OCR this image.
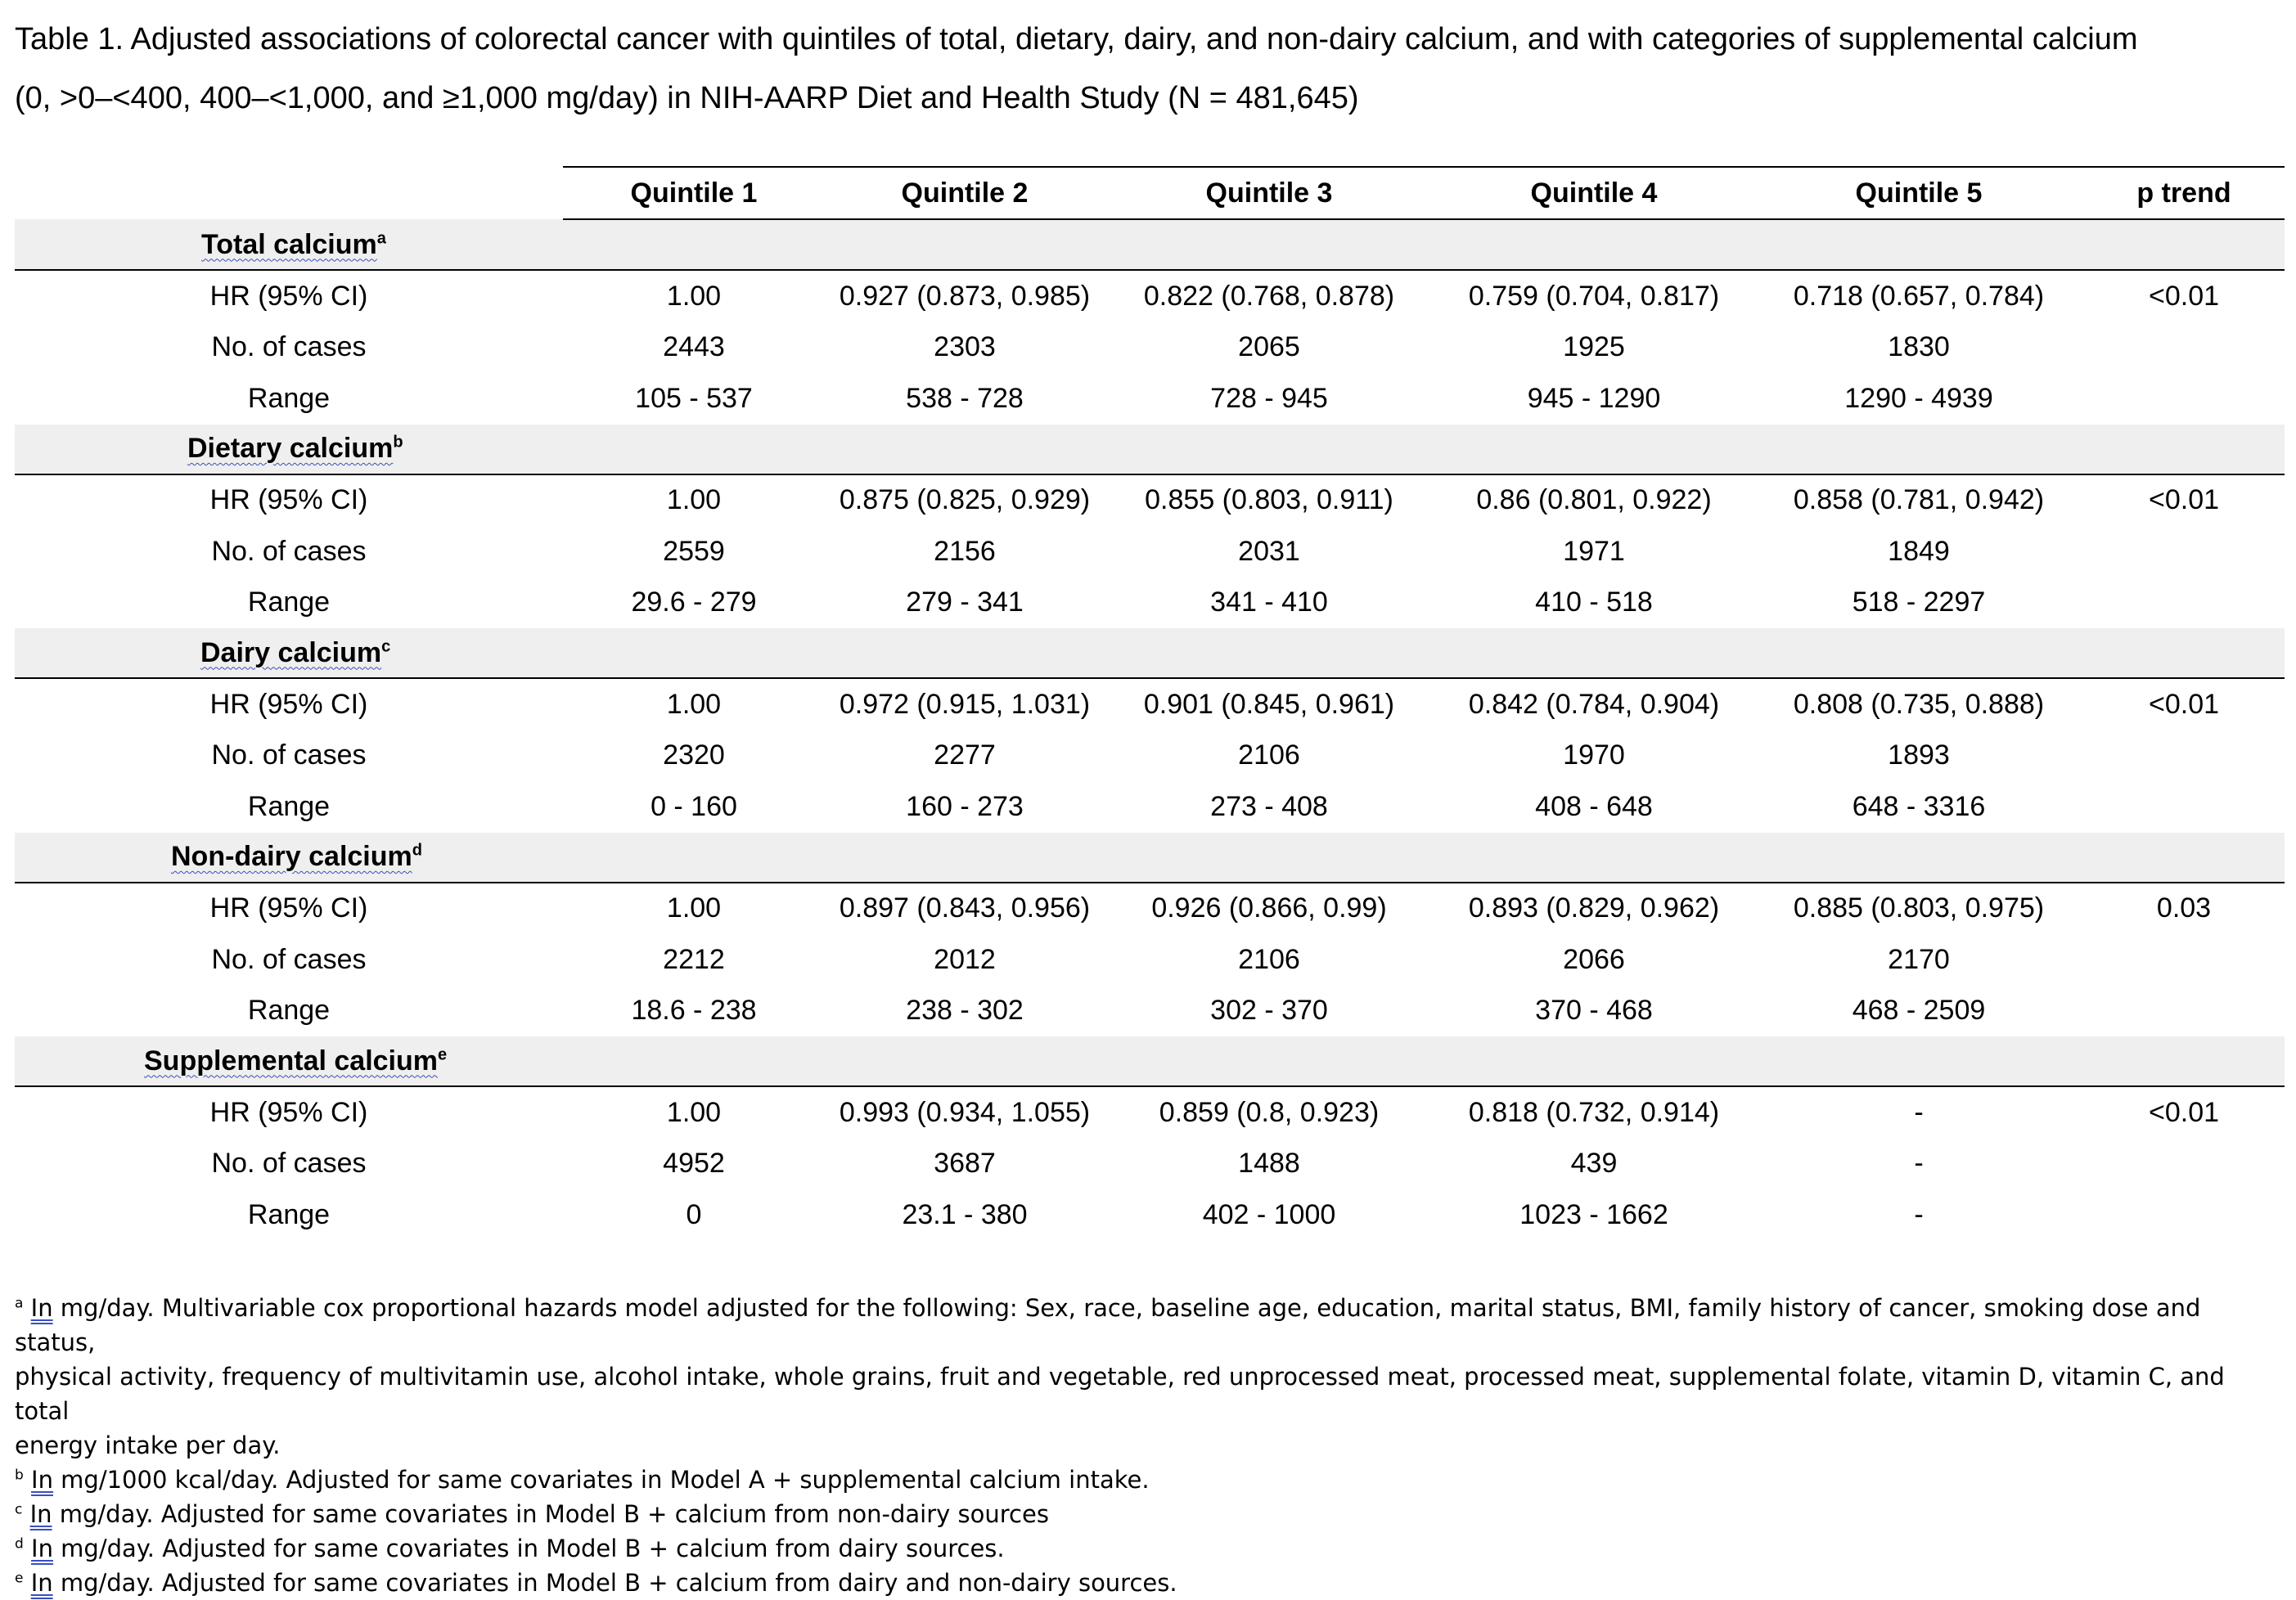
Table 1. Adjusted associations of colorectal cancer with quintiles of total, dietary, dairy, and non-dairy calcium, and with categories of supplemental calcium
(0, >0–<400, 400–<1,000, and ≥1,000 mg/day) in NIH-AARP Diet and Health Study (N = 481,645)
	Quintile 1	Quintile 2	Quintile 3	Quintile 4	Quintile 5	p trend
Total calcium$^a$
HR (95% CI)	1.00	0.927 (0.873, 0.985)	0.822 (0.768, 0.878)	0.759 (0.704, 0.817)	0.718 (0.657, 0.784)	<0.01
No. of cases	2443	2303	2065	1925	1830	
Range	105 - 537	538 - 728	728 - 945	945 - 1290	1290 - 4939	
Dietary calcium$^b$
HR (95% CI)	1.00	0.875 (0.825, 0.929)	0.855 (0.803, 0.911)	0.86 (0.801, 0.922)	0.858 (0.781, 0.942)	<0.01
No. of cases	2559	2156	2031	1971	1849	
Range	29.6 - 279	279 - 341	341 - 410	410 - 518	518 - 2297	
Dairy calcium$^c$
HR (95% CI)	1.00	0.972 (0.915, 1.031)	0.901 (0.845, 0.961)	0.842 (0.784, 0.904)	0.808 (0.735, 0.888)	<0.01
No. of cases	2320	2277	2106	1970	1893	
Range	0 - 160	160 - 273	273 - 408	408 - 648	648 - 3316	
Non-dairy calcium$^d$
HR (95% CI)	1.00	0.897 (0.843, 0.956)	0.926 (0.866, 0.99)	0.893 (0.829, 0.962)	0.885 (0.803, 0.975)	0.03
No. of cases	2212	2012	2106	2066	2170	
Range	18.6 - 238	238 - 302	302 - 370	370 - 468	468 - 2509	
Supplemental calcium$^e$
HR (95% CI)	1.00	0.993 (0.934, 1.055)	0.859 (0.8, 0.923)	0.818 (0.732, 0.914)	-	<0.01
No. of cases	4952	3687	1488	439	-	
Range	0	23.1 - 380	402 - 1000	1023 - 1662	-	

$^a$ In mg/day. Multivariable cox proportional hazards model adjusted for the following: Sex, race, baseline age, education, marital status, BMI, family history of cancer, smoking dose and status,

physical activity, frequency of multivitamin use, alcohol intake, whole grains, fruit and vegetable, red unprocessed meat, processed meat, supplemental folate, vitamin D, vitamin C, and total

energy intake per day.

$^b$ In mg/1000 kcal/day. Adjusted for same covariates in Model A + supplemental calcium intake.

$^c$ In mg/day. Adjusted for same covariates in Model B + calcium from non-dairy sources

$^d$ In mg/day. Adjusted for same covariates in Model B + calcium from dairy sources.

$^e$ In mg/day. Adjusted for same covariates in Model B + calcium from dairy and non-dairy sources.
